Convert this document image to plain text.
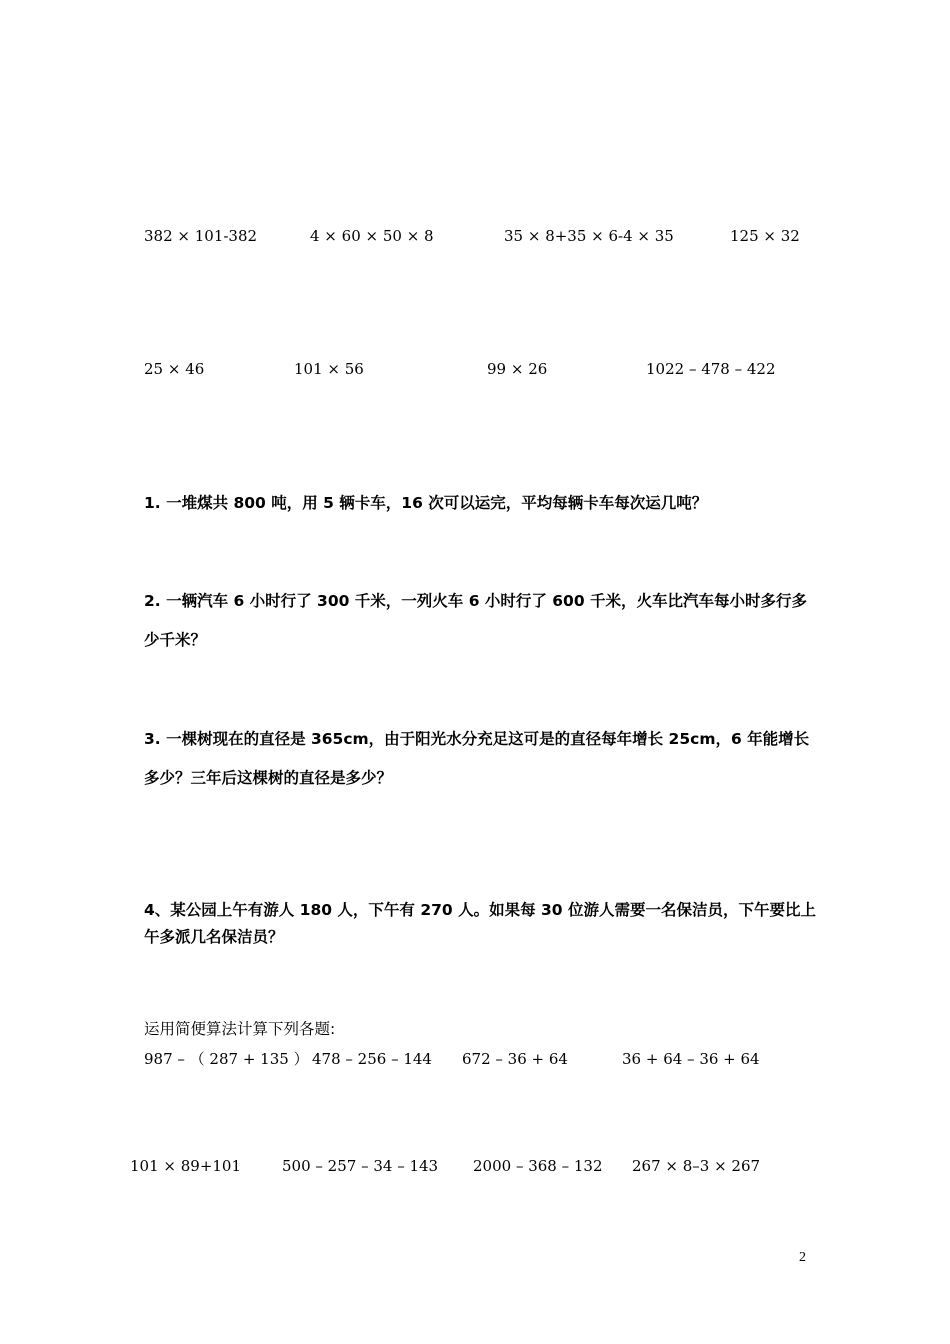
382 × 101-382	4 × 60 × 50 × 8	35 × 8+35 × 6-4 × 35	125 × 32
25 × 46	101 × 56	99 × 26	1022 – 478 – 422
1. 一堆煤共 800 吨，用 5 辆卡车，16 次可以运完，平均每辆卡车每次运几吨？
2. 一辆汽车 6 小时行了 300 千米，一列火车 6 小时行了 600 千米，火车比汽车每小时多行多
少千米？
3. 一棵树现在的直径是 365cm，由于阳光水分充足这可是的直径每年增长 25cm，6 年能增长
多少？三年后这棵树的直径是多少？
4、某公园上午有游人 180 人，下午有 270 人。如果每 30 位游人需要一名保洁员，下午要比上
午多派几名保洁员？
运用简便算法计算下列各题:
987 – （ 287 + 135 ） 478 – 256 – 144 672 – 36 + 64	36 + 64 – 36 + 64
101 × 89+101	500 – 257 – 34 – 143 2000 – 368 – 132 267 × 8–3 × 267
2
